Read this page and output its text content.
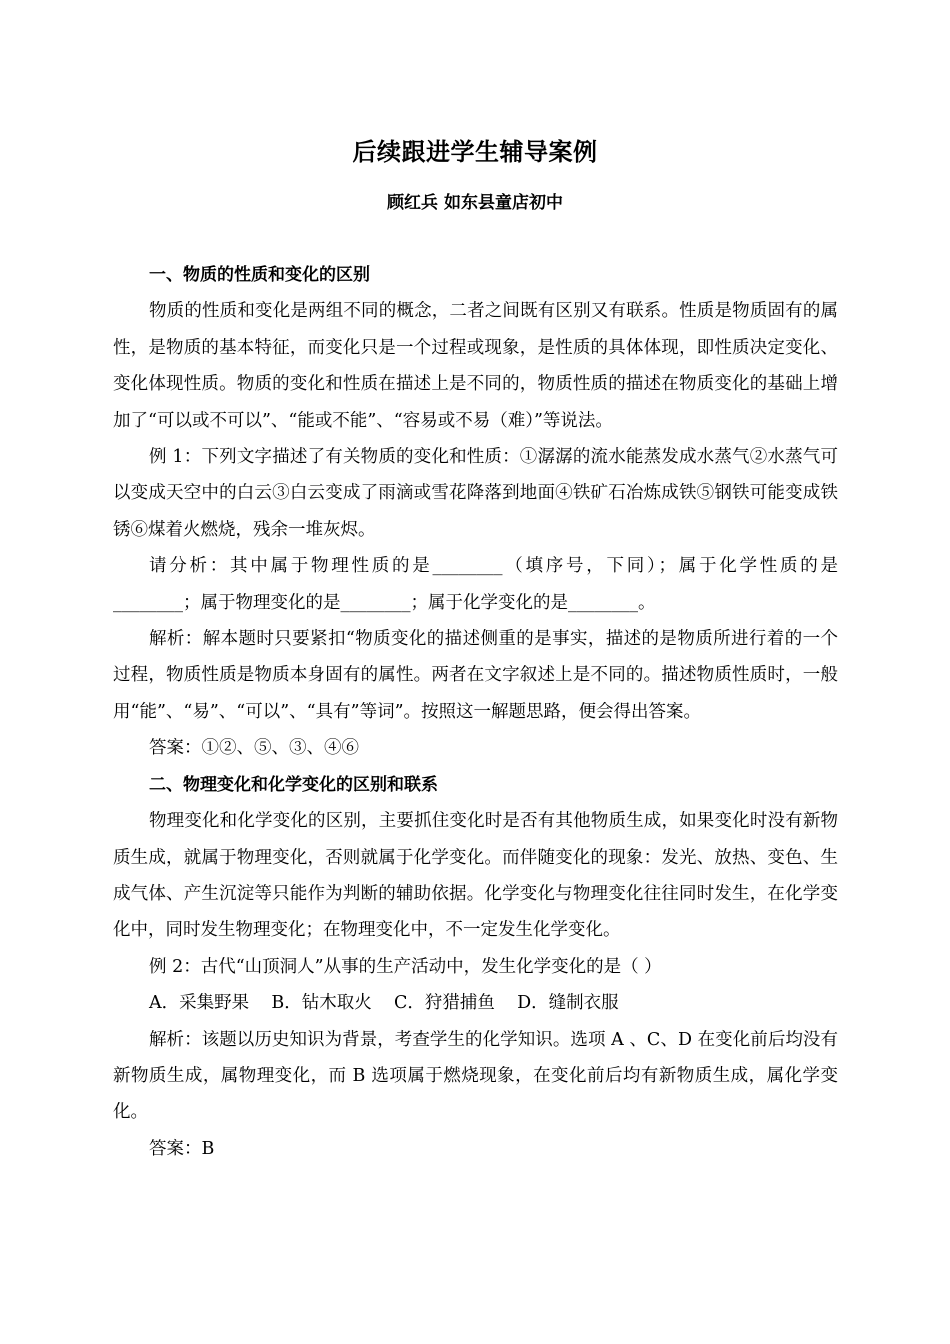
后续跟进学生辅导案例
顾红兵 如东县童店初中

一、物质的性质和变化的区别

物质的性质和变化是两组不同的概念，二者之间既有区别又有联系。性质是物质固有的属性，是物质的基本特征，而变化只是一个过程或现象，是性质的具体体现，即性质决定变化、变化体现性质。物质的变化和性质在描述上是不同的，物质性质的描述在物质变化的基础上增加了“可以或不可以”、“能或不能”、“容易或不易（难）”等说法。

例 1：下列文字描述了有关物质的变化和性质：①潺潺的流水能蒸发成水蒸气②水蒸气可以变成天空中的白云③白云变成了雨滴或雪花降落到地面④铁矿石冶炼成铁⑤钢铁可能变成铁锈⑥煤着火燃烧，残余一堆灰烬。

请分析：其中属于物理性质的是________（填序号，下同）；属于化学性质的是________；属于物理变化的是________；属于化学变化的是________。

解析：解本题时只要紧扣“物质变化的描述侧重的是事实，描述的是物质所进行着的一个过程，物质性质是物质本身固有的属性。两者在文字叙述上是不同的。描述物质性质时，一般用“能”、“易”、“可以”、“具有”等词”。按照这一解题思路，便会得出答案。

答案：①②、⑤、③、④⑥

二、物理变化和化学变化的区别和联系

物理变化和化学变化的区别，主要抓住变化时是否有其他物质生成，如果变化时没有新物质生成，就属于物理变化，否则就属于化学变化。而伴随变化的现象：发光、放热、变色、生成气体、产生沉淀等只能作为判断的辅助依据。化学变化与物理变化往往同时发生，在化学变化中，同时发生物理变化；在物理变化中，不一定发生化学变化。

例 2：古代“山顶洞人”从事的生产活动中，发生化学变化的是（ ）

A．采集野果    B．钻木取火    C．狩猎捕鱼    D．缝制衣服

解析：该题以历史知识为背景，考查学生的化学知识。选项 A 、C、D 在变化前后均没有新物质生成，属物理变化，而 B 选项属于燃烧现象，在变化前后均有新物质生成，属化学变化。

答案：B
